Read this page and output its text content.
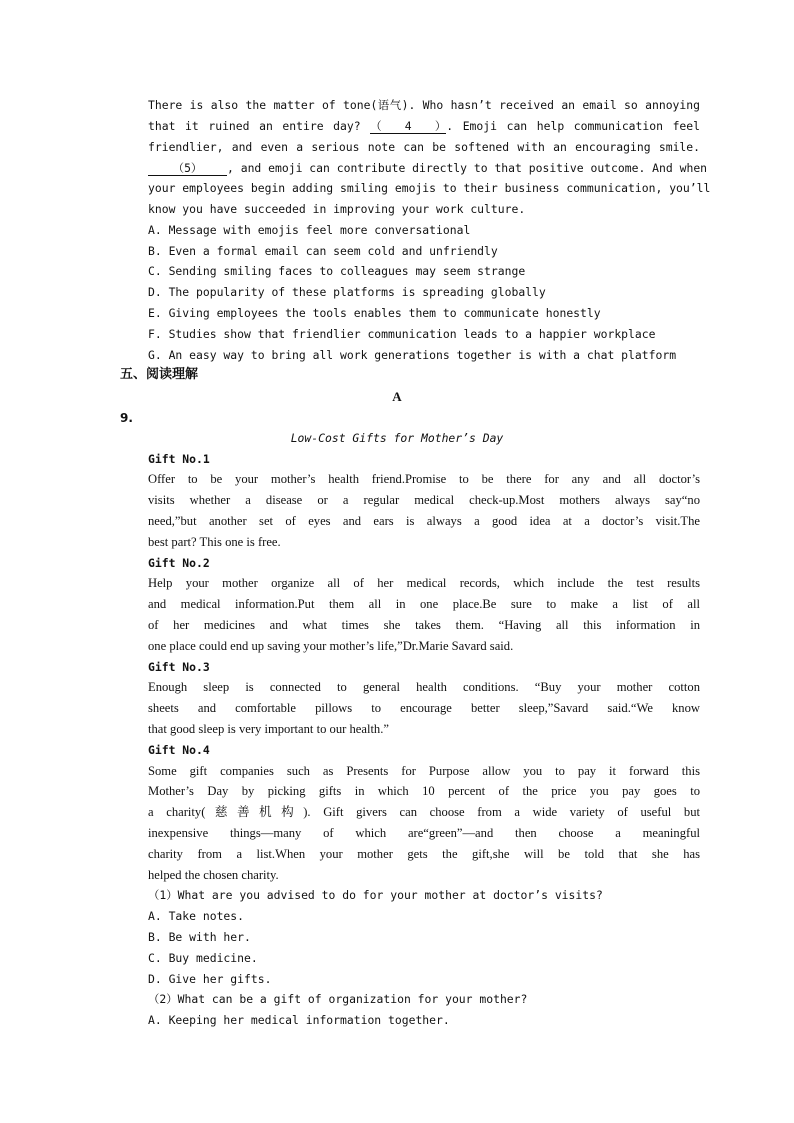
There is also the matter of tone(语气). Who hasn’t received an email so annoying
that it ruined an entire day? （4）. Emoji can help communication feel
friendlier, and even a serious note can be softened with an encouraging smile.
（5） , and emoji can contribute directly to that positive outcome. And when
your employees begin adding smiling emojis to their business communication, you’ll
know you have succeeded in improving your work culture.
A. Message with emojis feel more conversational
B. Even a formal email can seem cold and unfriendly
C. Sending smiling faces to colleagues may seem strange
D. The popularity of these platforms is spreading globally
E. Giving employees the tools enables them to communicate honestly
F. Studies show that friendlier communication leads to a happier workplace
G. An easy way to bring all work generations together is with a chat platform
五、阅读理解
A
9.
Low-Cost Gifts for Mother’s Day
Gift No.1
Offer to be your mother’s health friend.Promise to be there for any and all doctor’s
visits whether a disease or a regular medical check-up.Most mothers always say“no
need,”but another set of eyes and ears is always a good idea at a doctor’s visit.The
best part? This one is free.
Gift No.2
Help your mother organize all of her medical records, which include the test results
and medical information.Put them all in one place.Be sure to make a list of all
of her medicines and what times she takes them. “Having all this information in
one place could end up saving your mother’s life,”Dr.Marie Savard said.
Gift No.3
Enough sleep is connected to general health conditions. “Buy your mother cotton
sheets and comfortable pillows to encourage better sleep,”Savard said.“We know
that good sleep is very important to our health.”
Gift No.4
Some gift companies such as Presents for Purpose allow you to pay it forward this
Mother’s Day by picking gifts in which 10 percent of the price you pay goes to
a charity(慈善机构). Gift givers can choose from a wide variety of useful but
inexpensive things—many of which are“green”—and then choose a meaningful
charity from a list.When your mother gets the gift,she will be told that she has
helped the chosen charity.
（1）What are you advised to do for your mother at doctor’s visits?
A. Take notes.
B. Be with her.
C. Buy medicine.
D. Give her gifts.
（2）What can be a gift of organization for your mother?
A. Keeping her medical information together.
